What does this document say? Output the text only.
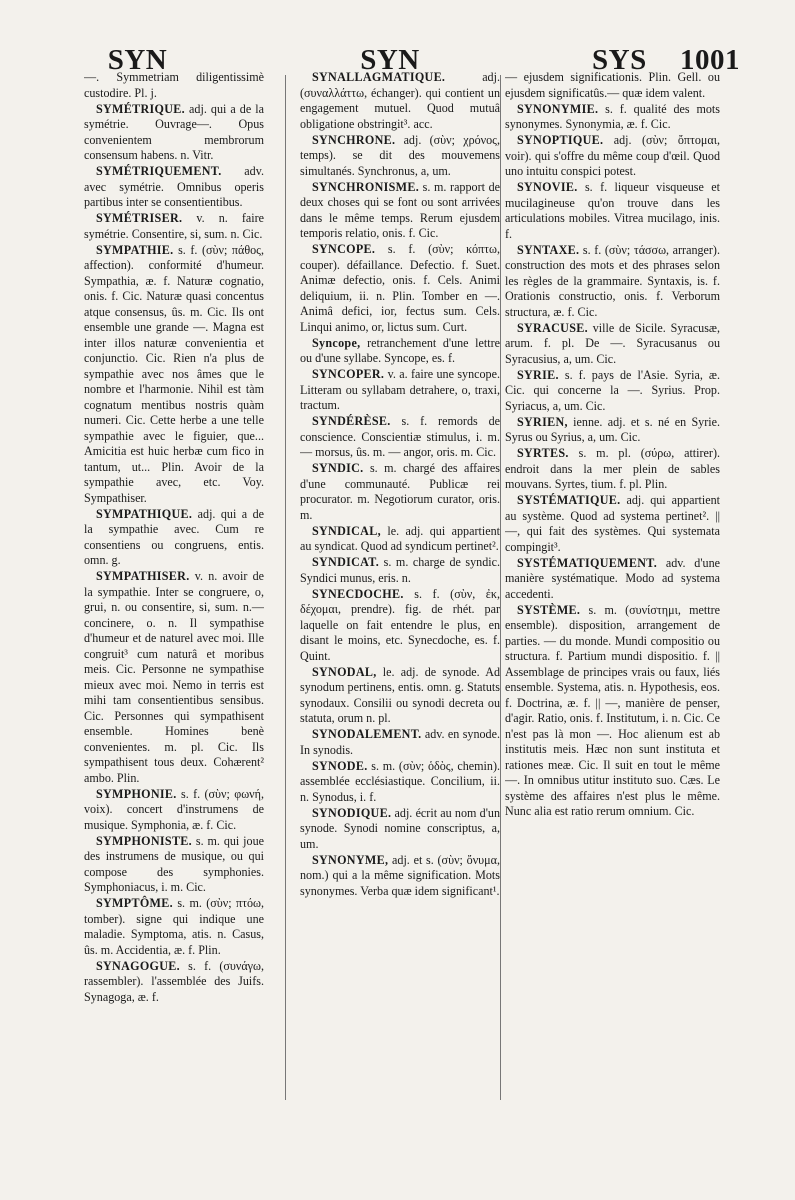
SYN	SYN	SYS 1001

—. Symmetriam diligentissimè custodire. Pl. j.

SYMÉTRIQUE. adj. qui a de la symétrie. Ouvrage—. Opus convenientem membrorum consensum habens. n. Vitr.

SYMÉTRIQUEMENT. adv. avec symétrie. Omnibus operis partibus inter se consentientibus.

SYMÉTRISER. v. n. faire symétrie. Consentire, si, sum. n. Cic.

SYMPATHIE. s. f. (σὺν; πάθος, affection). conformité d'humeur. Sympathia, æ. f. Naturæ cognatio, onis. f. Cic. Naturæ quasi concentus atque consensus, ûs. m. Cic. Ils ont ensemble une grande —. Magna est inter illos naturæ convenientia et conjunctio. Cic. Rien n'a plus de sympathie avec nos âmes que le nombre et l'harmonie. Nihil est tàm cognatum mentibus nostris quàm numeri. Cic. Cette herbe a une telle sympathie avec le figuier, que... Amicitia est huic herbæ cum fico in tantum, ut... Plin. Avoir de la sympathie avec, etc. Voy. Sympathiser.

SYMPATHIQUE. adj. qui a de la sympathie avec. Cum re consentiens ou congruens, entis. omn. g.

SYMPATHISER. v. n. avoir de la sympathie. Inter se congruere, o, grui, n. ou consentire, si, sum. n.— concinere, o. n. Il sympathise d'humeur et de naturel avec moi. Ille congruit³ cum naturâ et moribus meis. Cic. Personne ne sympathise mieux avec moi. Nemo in terris est mihi tam consentientibus sensibus. Cic. Personnes qui sympathisent ensemble. Homines benè convenientes. m. pl. Cic. Ils sympathisent tous deux. Cohærent² ambo. Plin.

SYMPHONIE. s. f. (σὺν; φωνή, voix). concert d'instrumens de musique. Symphonia, æ. f. Cic.

SYMPHONISTE. s. m. qui joue des instrumens de musique, ou qui compose des symphonies. Symphoniacus, i. m. Cic.

SYMPTÔME. s. m. (σὺν; πτόω, tomber). signe qui indique une maladie. Symptoma, atis. n. Casus, ûs. m. Accidentia, æ. f. Plin.

SYNAGOGUE. s. f. (συνάγω, rassembler). l'assemblée des Juifs. Synagoga, æ. f.

SYNALLAGMATIQUE.	adj. (συναλλάττω, échanger). qui contient un engagement mutuel. Quod mutuâ obligatione obstringit³. acc.

SYNCHRONE. adj. (σὺν; χρόνος, temps). se dit des mouvemens simultanés. Synchronus, a, um.

SYNCHRONISME. s. m. rapport de deux choses qui se font ou sont arrivées dans le même temps. Rerum ejusdem temporis relatio, onis. f. Cic.

SYNCOPE. s. f. (σὺν; κόπτω, couper). défaillance. Defectio. f. Suet. Animæ defectio, onis. f. Cels. Animi deliquium, ii. n. Plin. Tomber en —. Animâ defici, ior, fectus sum. Cels. Linqui animo, or, lictus sum. Curt.

Syncope, retranchement d'une lettre ou d'une syllabe. Syncope, es. f.

SYNCOPER. v. a. faire une syncope. Litteram ou syllabam detrahere, o, traxi, tractum.

SYNDÉRÈSE. s. f. remords de conscience. Conscientiæ stimulus, i. m. — morsus, ûs. m. — angor, oris. m. Cic.

SYNDIC. s. m. chargé des affaires d'une communauté. Publicæ rei procurator. m. Negotiorum curator, oris. m.

SYNDICAL, le. adj. qui appartient au syndicat. Quod ad syndicum pertinet².

SYNDICAT. s. m. charge de syndic. Syndici munus, eris. n.

SYNECDOCHE. s. f. (σὺν, ἐκ, δέχομαι, prendre). fig. de rhét. par laquelle on fait entendre le plus, en disant le moins, etc. Synecdoche, es. f. Quint.

SYNODAL, le. adj. de synode. Ad synodum pertinens, entis. omn. g. Statuts synodaux. Consilii ou synodi decreta ou statuta, orum n. pl.

SYNODALEMENT. adv. en synode. In synodis.

SYNODE. s. m. (σὺν; ὁδὸς, chemin). assemblée ecclésiastique. Concilium, ii. n. Synodus, i. f.

SYNODIQUE. adj. écrit au nom d'un synode. Synodi nomine conscriptus, a, um.

SYNONYME, adj. et s. (σὺν; ὄνυμα, nom.) qui a la même signification. Mots synonymes. Verba quæ idem significant¹.

— ejusdem significationis. Plin. Gell. ou ejusdem significatûs.— quæ idem valent.

SYNONYMIE. s. f. qualité des mots synonymes. Synonymia, æ. f. Cic.

SYNOPTIQUE. adj. (σὺν; ὄπτομαι, voir). qui s'offre du même coup d'œil. Quod uno intuitu conspici potest.

SYNOVIE. s. f. liqueur visqueuse et mucilagineuse qu'on trouve dans les articulations mobiles. Vitrea mucilago, inis. f.

SYNTAXE. s. f. (σὺν; τάσσω, arranger). construction des mots et des phrases selon les règles de la grammaire. Syntaxis, is. f. Orationis constructio, onis. f. Verborum structura, æ. f. Cic.

SYRACUSE. ville de Sicile. Syracusæ, arum. f. pl. De —. Syracusanus ou Syracusius, a, um. Cic.

SYRIE. s. f. pays de l'Asie. Syria, æ. Cic. qui concerne la —. Syrius. Prop. Syriacus, a, um. Cic.

SYRIEN, ienne. adj. et s. né en Syrie. Syrus ou Syrius, a, um. Cic.

SYRTES. s. m. pl. (σύρω, attirer). endroit dans la mer plein de sables mouvans. Syrtes, tium. f. pl. Plin.

SYSTÉMATIQUE. adj. qui appartient au système. Quod ad systema pertinet². || —, qui fait des systèmes. Qui systemata compingit³.

SYSTÉMATIQUEMENT. adv. d'une manière systématique. Modo ad systema accedenti.

SYSTÈME. s. m. (συνίστημι, mettre ensemble). disposition, arrangement de parties. — du monde. Mundi compositio ou structura. f. Partium mundi dispositio. f. || Assemblage de principes vrais ou faux, liés ensemble. Systema, atis. n. Hypothesis, eos. f. Doctrina, æ. f. || —, manière de penser, d'agir. Ratio, onis. f. Institutum, i. n. Cic. Ce n'est pas là mon —. Hoc alienum est ab institutis meis. Hæc non sunt instituta et rationes meæ. Cic. Il suit en tout le même —. In omnibus utitur instituto suo. Cæs. Le système des affaires n'est plus le même. Nunc alia est ratio rerum omnium. Cic.
